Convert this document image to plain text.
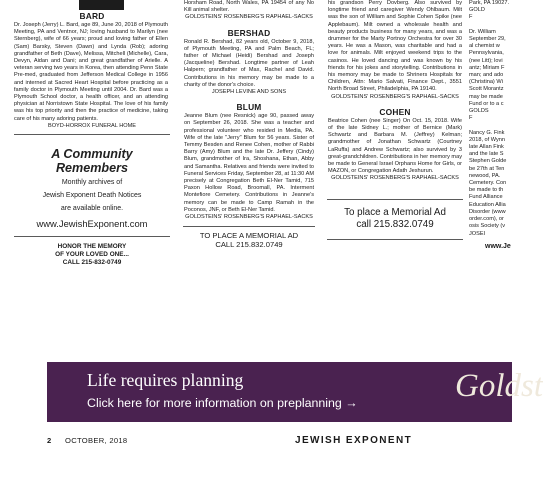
BARD
Dr. Joseph (Jerry) L. Bard, age 89, June 20, 2018 of Plymouth Meeting, PA and Ventnor, NJ; loving husband to Marilyn (nee Sternberg), wife of 66 years; proud and loving father of Ellen (Sam) Barsky, Steven (Dawn) and Lynda (Rob); adoring grandfather of Beth (Dave), Melissa, Mitchell (Michelle), Cara, Devyn, Aidan and Dani; and great grandfather of Arielle. A veteran serving two years in Korea, then attending Penn State Pre-med, graduated from Jefferson Medical College in 1956 and interned at Sacred Heart Hospital before practicing as a family doctor in Plymouth Meeting until 2004. Dr. Bard was a Plymouth School doctor, a health officer, and an attending physician at Norristown State Hospital. The love of his family was his top priority and then the practice of medicine, taking care of his many adoring patients.
BOYD-HORROX FUNERAL HOME
A Community
Remembers
Monthly archives of
Jewish Exponent Death Notices
are available online.
www.JewishExponent.com
HONOR THE MEMORY
OF YOUR LOVED ONE...
CALL 215-832-0749
Horsham Road, North Wales, PA 19454 of any No Kill animal shelter.
GOLDSTEINS' ROSENBERG'S RAPHAEL-SACKS
BERSHAD
Ronald R. Bershad, 82 years old, October 9, 2018, of Plymouth Meeting, PA and Palm Beach, FL; father of Michael (Heidi) Bershad and Joseph (Jacqueline) Bershad. Longtime partner of Leah Halpern; grandfather of Max, Rachel and David. Contributions in his memory may be made to a charity of the donor's choice.
JOSEPH LEVINE AND SONS
BLUM
Jeanne Blum (nee Resnick) age 90, passed away on September 26, 2018. She was a teacher and professional volunteer who resided in Media, PA. Wife of the late "Jerry" Blum for 56 years. Sister of Temmy Besden and Renee Cohen, mother of Rabbi Barry (Amy) Blum and the late Dr. Jeffery (Cindy) Blum, grandmother of Ira, Shoshana, Ethan, Abby and Samantha. Relatives and friends were invited to Funeral Services Friday, September 28, at 11:30 AM precisely at Congregation Beth El-Ner Tamid, 715 Paxon Hollow Road, Broomall, PA. Interment Montefiore Cemetery. Contributions in Jeanne's memory can be made to Camp Ramah in the Poconos, JNF, or Beth El-Ner Tamid.
GOLDSTEINS' ROSENBERG'S RAPHAEL-SACKS
TO PLACE A MEMORIAL AD
CALL 215.832.0749
his grandson Perry Dovberg. Also survived by longtime friend and caregiver Wendy Ohlbaum. Milt was the son of William and Sophie Cohen Spike (nee Applebaum). Milt owned a wholesale health and beauty products business for many years, and was a drummer for the Marty Portnoy Orchestra for over 30 years. He was a Mason, was charitable and had a love for animals. Milt enjoyed weekend trips to the casinos. He loved dancing and was known by his friends for his jokes and storytelling. Contributions in his memory may be made to Shriners Hospitals for Children, Attn: Mario Salvati, Finance Dept., 3551 North Broad Street, Philadelphia, PA 19140.
GOLDSTEINS' ROSENBERG'S RAPHAEL-SACKS
COHEN
Beatrice Cohen (nee Singer) On Oct. 15, 2018. Wife of the late Sidney L.; mother of Bernice (Mark) Schwartz and Barbara M. (Jeffrey) Kelman; grandmother of Jonathan Schwartz (Courtney LaRuffa) and Andrew Schwartz; also survived by 3 great-grandchildren. Contributions in her memory may be made to General Israel Orphans Home for Girls, or MAZON, or Congregation Adath Jeshurun.
GOLDSTEINS' ROSENBERG'S RAPHAEL-SACKS
To place a Memorial Ad
call 215.832.0749
Park, PA 19027.
GOLD
F

Dr. William
September 29,
al chemist w
Pennsylvania,
(nee Litt); lovi
antz; Miriam F
man; and ado
(Christina) Wi
Scott Morantz
may be made
Fund or to a c
GOLDS
F

Nancy G. Fink
2018, of Wynn
late Allan Fink
and the late S
Stephen Golde
be 27th at Ten
newood, PA.
Cemetery. Con
be made to th
Fund Alliance
Education Allia
Disorder (www
order.com), or
osis Society (v
JOSEI
www.Je
Life requires planning
Click here for more information on preplanning →	Goldst
2 OCTOBER, 2018	JEWISH EXPONENT
